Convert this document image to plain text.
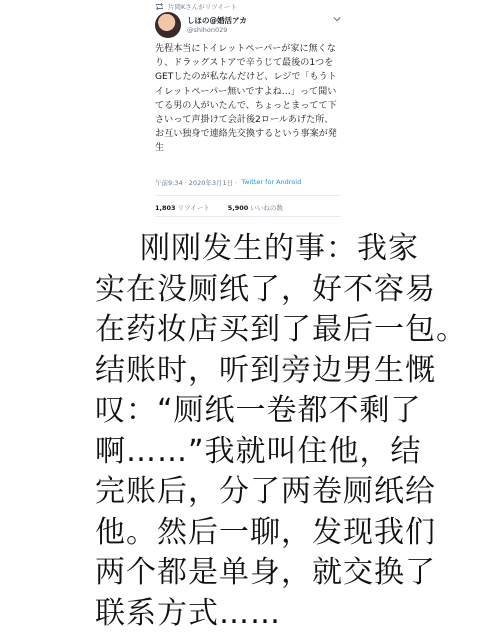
片岡Kさんがリツイート
しほの@婚活アカ
@shihon029
先程本当にトイレットペーパーが家に無くなり、ドラッグストアで辛うじて最後の1つをGETしたのが私なんだけど、レジで「もうトイレットペーパー無いですよね…」って聞いてる男の人がいたんで、ちょっとまってて下さいって声掛けて会計後2ロールあげた所、お互い独身で連絡先交換するという事案が発生
午前9:34 · 2020年3月1日 · Twitter for Android
1,803 リツイート	5,900 いいねの数
刚刚发生的事：我家
实在没厕纸了，好不容易
在药妆店买到了最后一包。
结账时，听到旁边男生慨
叹：“厕纸一卷都不剩了
啊……”我就叫住他，结
完账后，分了两卷厕纸给
他。然后一聊，发现我们
两个都是单身，就交换了
联系方式……
